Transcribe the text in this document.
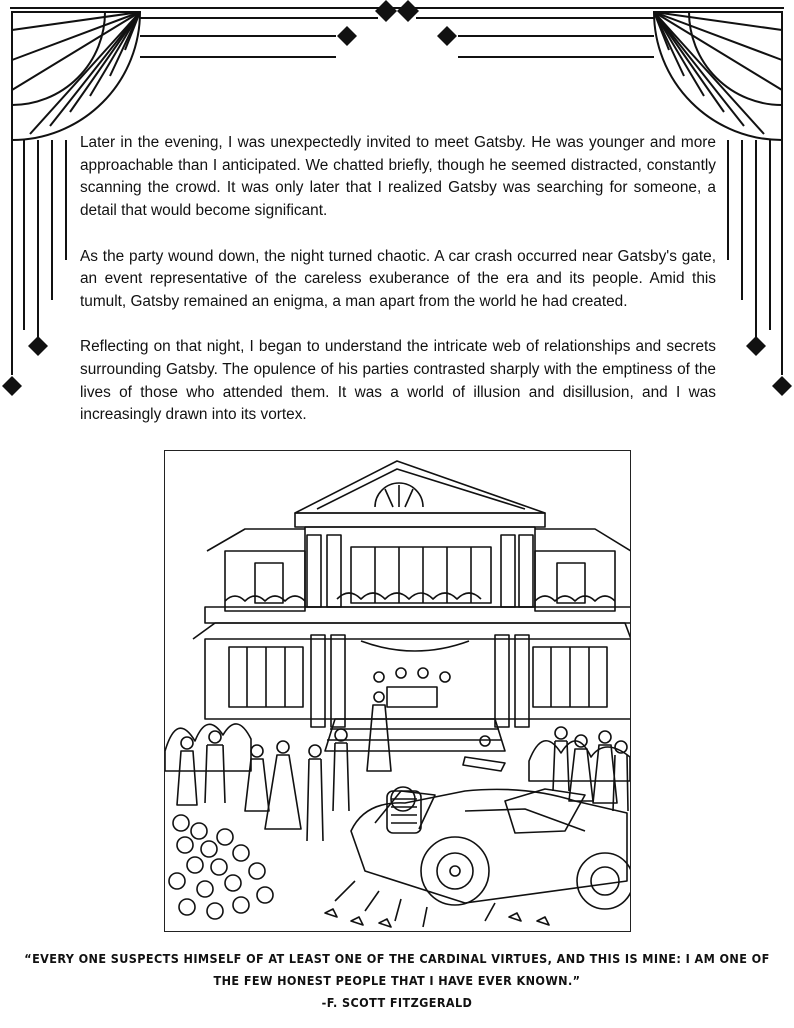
Later in the evening, I was unexpectedly invited to meet Gatsby. He was younger and more approachable than I anticipated. We chatted briefly, though he seemed distracted, constantly scanning the crowd. It was only later that I realized Gatsby was searching for someone, a detail that would become significant.

As the party wound down, the night turned chaotic. A car crash occurred near Gatsby's gate, an event representative of the careless exuberance of the era and its people. Amid this tumult, Gatsby remained an enigma, a man apart from the world he had created.

Reflecting on that night, I began to understand the intricate web of relationships and secrets surrounding Gatsby. The opulence of his parties contrasted sharply with the emptiness of the lives of those who attended them. It was a world of illusion and disillusion, and I was increasingly drawn into its vortex.

“EVERY ONE SUSPECTS HIMSELF OF AT LEAST ONE OF THE CARDINAL VIRTUES, AND THIS IS MINE: I AM ONE OF THE FEW HONEST PEOPLE THAT I HAVE EVER KNOWN.”
-F. SCOTT FITZGERALD
